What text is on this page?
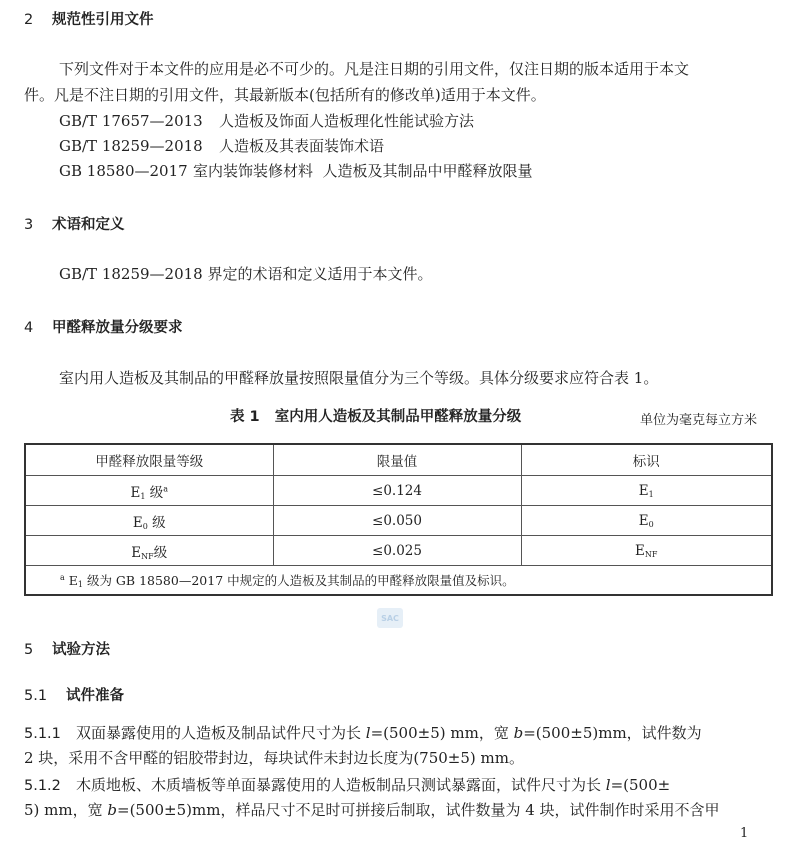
2 规范性引用文件
下列文件对于本文件的应用是必不可少的。凡是注日期的引用文件，仅注日期的版本适用于本文
件。凡是不注日期的引用文件，其最新版本(包括所有的修改单)适用于本文件。
GB/T 17657—2013 人造板及饰面人造板理化性能试验方法
GB/T 18259—2018 人造板及其表面装饰术语
GB 18580—2017 室内装饰装修材料  人造板及其制品中甲醛释放限量
3 术语和定义
GB/T 18259—2018 界定的术语和定义适用于本文件。
4 甲醛释放量分级要求
室内用人造板及其制品的甲醛释放量按照限量值分为三个等级。具体分级要求应符合表 1。
表 1   室内用人造板及其制品甲醛释放量分级	单位为毫克每立方米
甲醛释放限量等级	限量值	标识
$E_1$ 级$^a$	≤0.124	$E_1$
$E_0$ 级	≤0.050	$E_0$
$E_{NF}$级	≤0.025	$E_{NF}$
$^a$ $E_1$ 级为 GB 18580—2017 中规定的人造板及其制品的甲醛释放限量值及标识。		
SAC
5 试验方法
5.1 试件准备
5.1.1 双面暴露使用的人造板及制品试件尺寸为长 l=(500±5) mm，宽 b=(500±5)mm，试件数为
2 块，采用不含甲醛的铝胶带封边，每块试件未封边长度为(750±5) mm。
5.1.2 木质地板、木质墙板等单面暴露使用的人造板制品只测试暴露面，试件尺寸为长 l=(500±
5) mm，宽 b=(500±5)mm，样品尺寸不足时可拼接后制取，试件数量为 4 块，试件制作时采用不含甲
1
